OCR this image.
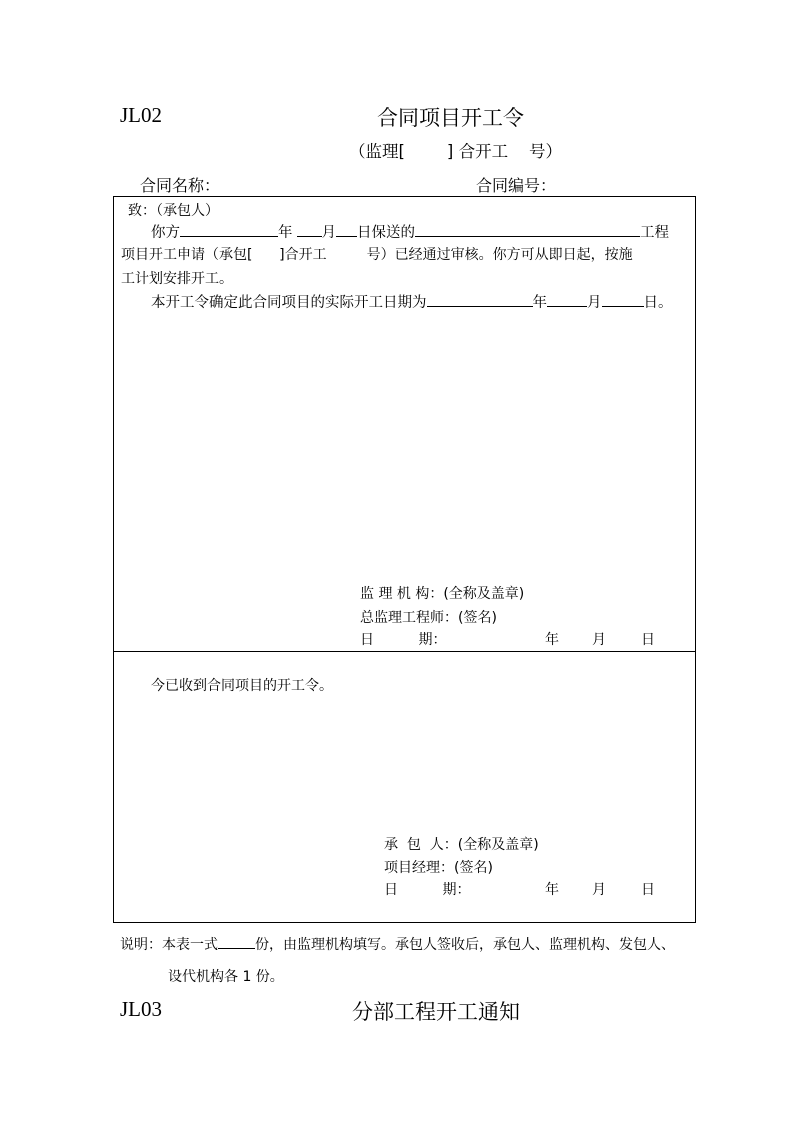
JL02	合同项目开工令
（监理[        ] 合开工    号）
合同名称：	合同编号：
致：（承包人）
你方	年 月 日保送的	工程
项目开工申请（承包[      ]合开工         号）已经通过审核。你方可从即日起，按施
工计划安排开工。
本开工令确定此合同项目的实际开工日期为	年	月	日。
监 理 机 构：(全称及盖章)
总监理工程师：(签名)
日          期：	年 月	日
今已收到合同项目的开工令。
承  包  人：(全称及盖章)
项目经理：(签名)
日          期：	年 月	日
说明：本表一式	份，由监理机构填写。承包人签收后，承包人、监理机构、发包人、
设代机构各 1 份。
JL03	分部工程开工通知
